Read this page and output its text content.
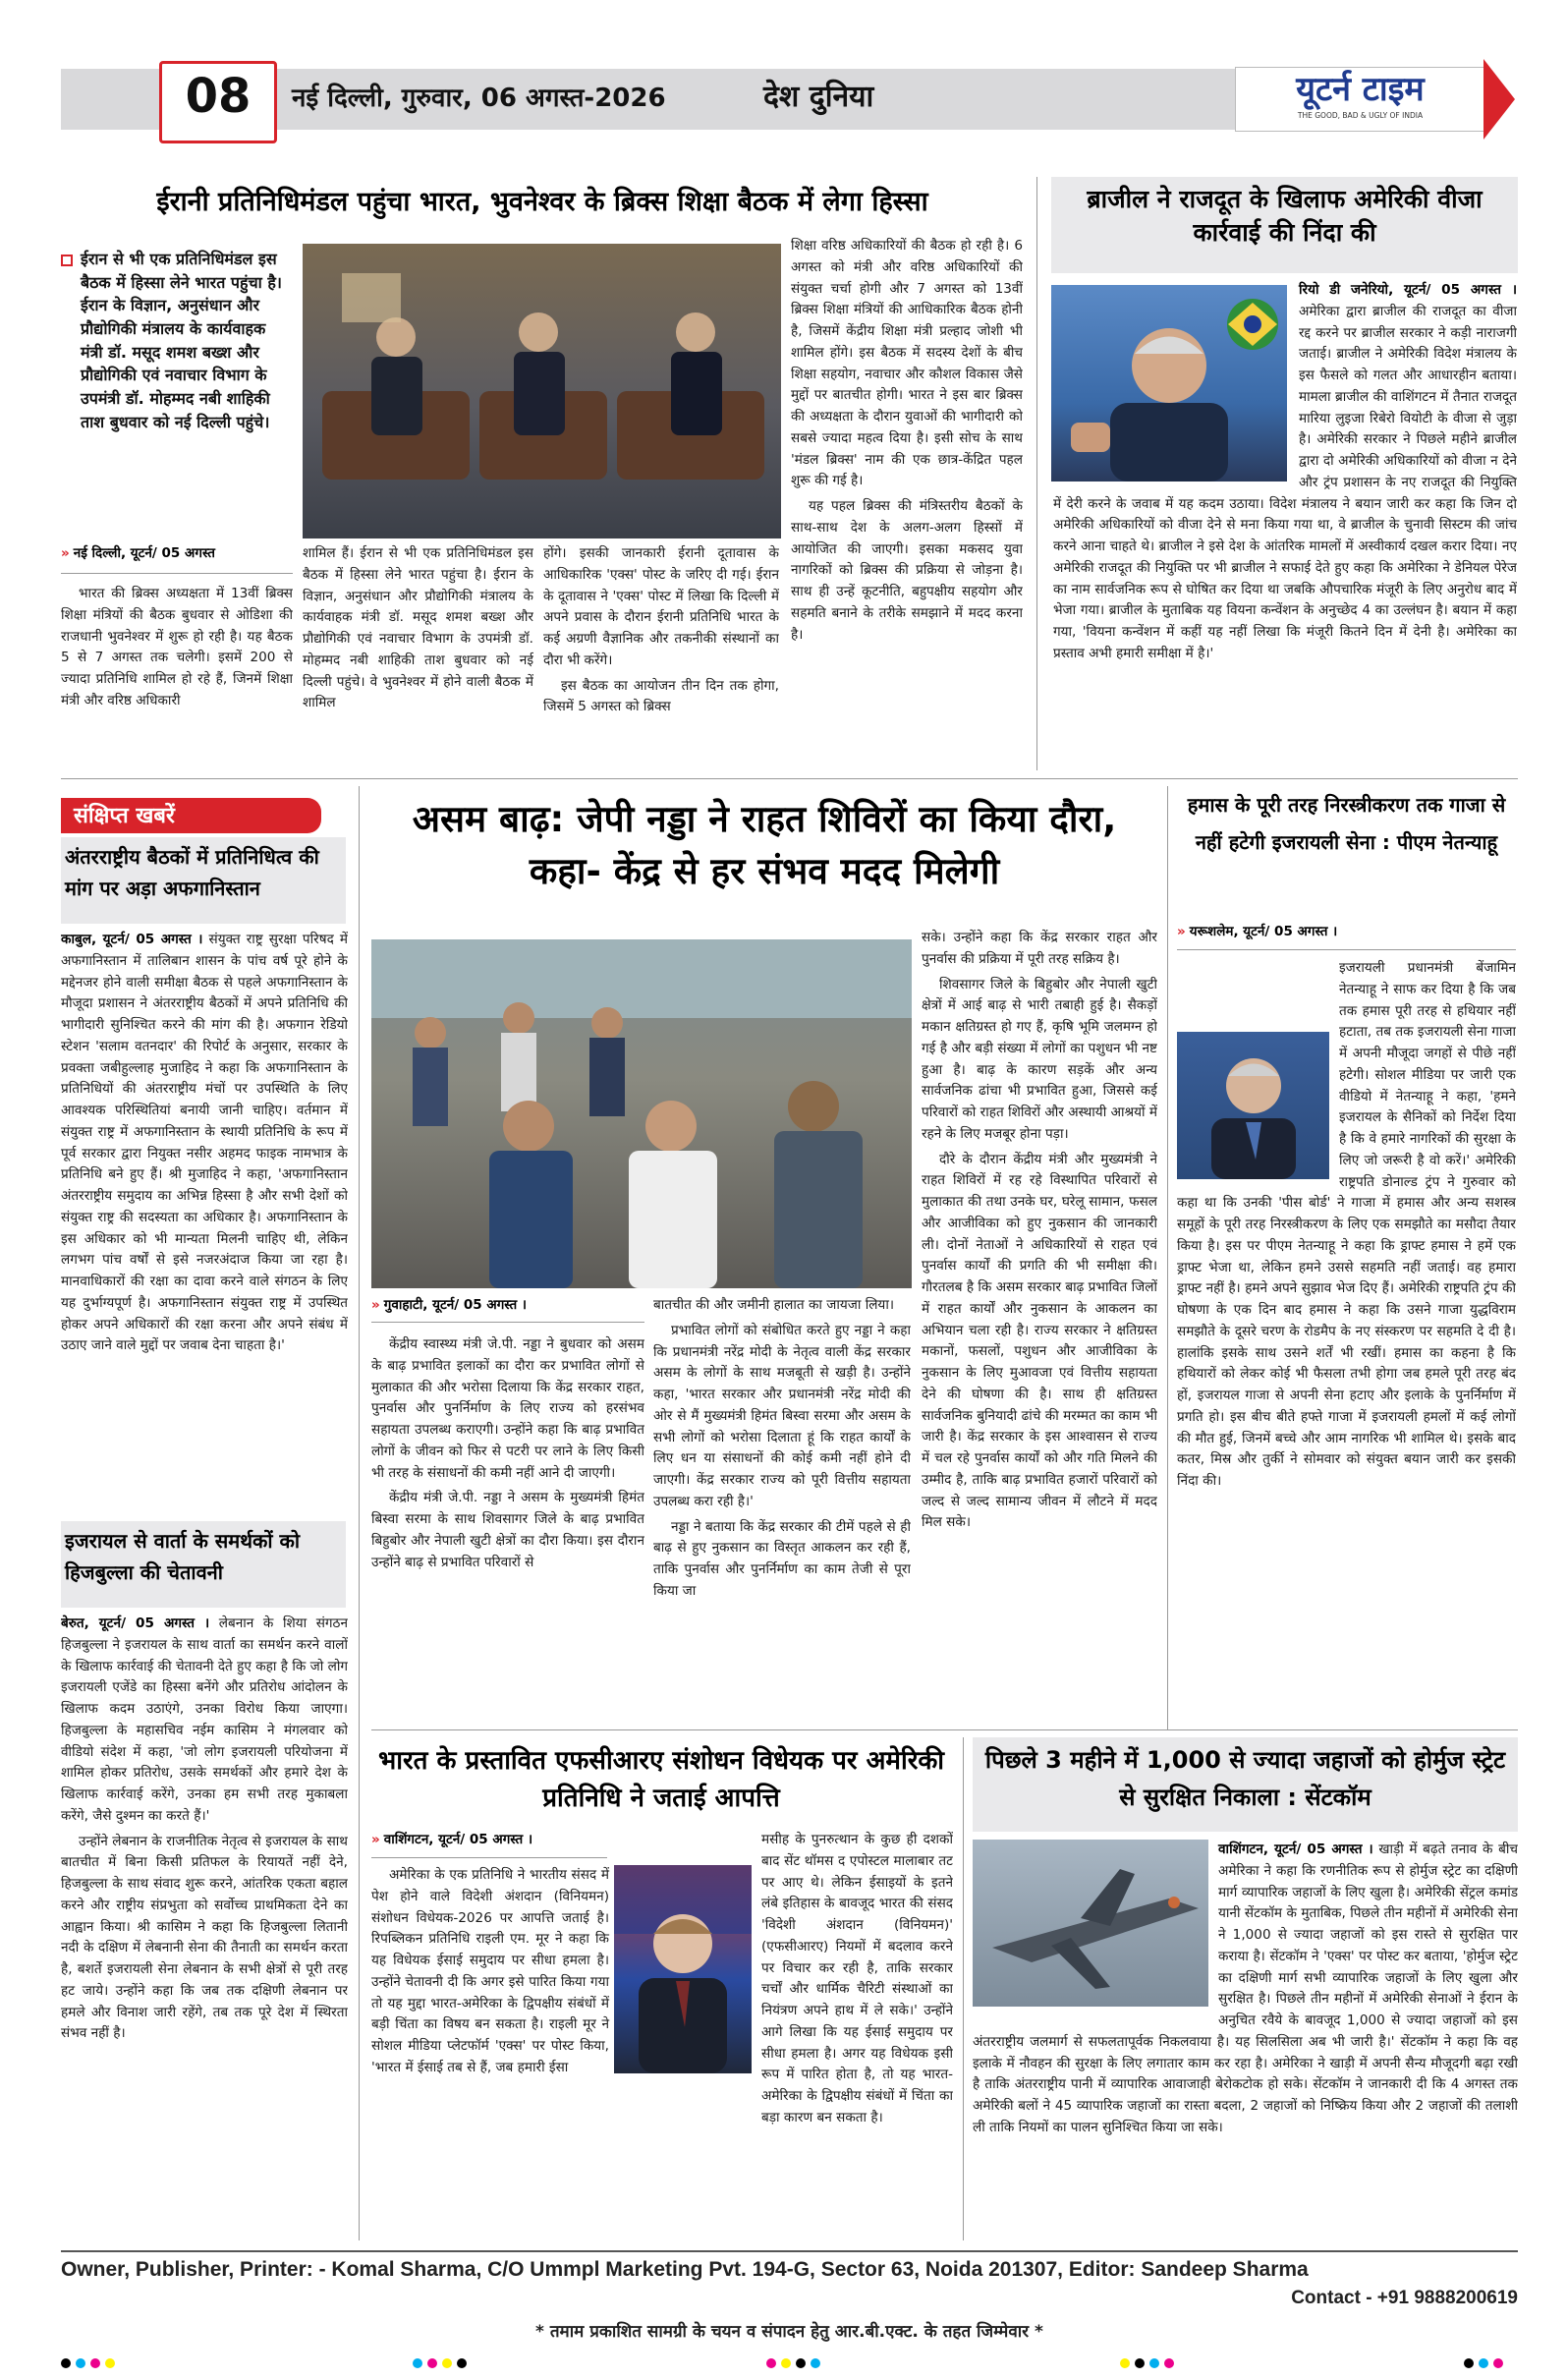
08	नई दिल्ली, गुरुवार, 06 अगस्त-2026	देश दुनिया	यूटर्न टाइम
THE GOOD, BAD & UGLY OF INDIA
ईरानी प्रतिनिधिमंडल पहुंचा भारत, भुवनेश्वर के ब्रिक्स शिक्षा बैठक में लेगा हिस्सा
ईरान से भी एक प्रतिनिधिमंडल इस बैठक में हिस्सा लेने भारत पहुंचा है। ईरान के विज्ञान, अनुसंधान और प्रौद्योगिकी मंत्रालय के कार्यवाहक मंत्री डॉ. मसूद शमश बख्श और प्रौद्योगिकी एवं नवाचार विभाग के उपमंत्री डॉ. मोहम्मद नबी शाहिकी ताश बुधवार को नई दिल्ली पहुंचे।
» नई दिल्ली, यूटर्न/ 05 अगस्त

भारत की ब्रिक्स अध्यक्षता में 13वीं ब्रिक्स शिक्षा मंत्रियों की बैठक बुधवार से ओडिशा की राजधानी भुवनेश्वर में शुरू हो रही है। यह बैठक 5 से 7 अगस्त तक चलेगी। इसमें 200 से ज्यादा प्रतिनिधि शामिल हो रहे हैं, जिनमें शिक्षा मंत्री और वरिष्ठ अधिकारी

शामिल हैं। ईरान से भी एक प्रतिनिधिमंडल इस बैठक में हिस्सा लेने भारत पहुंचा है। ईरान के विज्ञान, अनुसंधान और प्रौद्योगिकी मंत्रालय के कार्यवाहक मंत्री डॉ. मसूद शमश बख्श और प्रौद्योगिकी एवं नवाचार विभाग के उपमंत्री डॉ. मोहम्मद नबी शाहिकी ताश बुधवार को नई दिल्ली पहुंचे। वे भुवनेश्वर में होने वाली बैठक में शामिल

होंगे। इसकी जानकारी ईरानी दूतावास के आधिकारिक 'एक्स' पोस्ट के जरिए दी गई। ईरान के दूतावास ने 'एक्स' पोस्ट में लिखा कि दिल्ली में अपने प्रवास के दौरान ईरानी प्रतिनिधि भारत के कई अग्रणी वैज्ञानिक और तकनीकी संस्थानों का दौरा भी करेंगे।

इस बैठक का आयोजन तीन दिन तक होगा, जिसमें 5 अगस्त को ब्रिक्स

शिक्षा वरिष्ठ अधिकारियों की बैठक हो रही है। 6 अगस्त को मंत्री और वरिष्ठ अधिकारियों की संयुक्त चर्चा होगी और 7 अगस्त को 13वीं ब्रिक्स शिक्षा मंत्रियों की आधिकारिक बैठक होनी है, जिसमें केंद्रीय शिक्षा मंत्री प्रल्हाद जोशी भी शामिल होंगे। इस बैठक में सदस्य देशों के बीच शिक्षा सहयोग, नवाचार और कौशल विकास जैसे मुद्दों पर बातचीत होगी। भारत ने इस बार ब्रिक्स की अध्यक्षता के दौरान युवाओं की भागीदारी को सबसे ज्यादा महत्व दिया है। इसी सोच के साथ 'मंडल ब्रिक्स' नाम की एक छात्र-केंद्रित पहल शुरू की गई है।

यह पहल ब्रिक्स की मंत्रिस्तरीय बैठकों के साथ-साथ देश के अलग-अलग हिस्सों में आयोजित की जाएगी। इसका मकसद युवा नागरिकों को ब्रिक्स की प्रक्रिया से जोड़ना है। साथ ही उन्हें कूटनीति, बहुपक्षीय सहयोग और सहमति बनाने के तरीके समझाने में मदद करना है।

ब्राजील ने राजदूत के खिलाफ अमेरिकी वीजा कार्रवाई की निंदा की
रियो डी जनेरियो, यूटर्न/ 05 अगस्त । अमेरिका द्वारा ब्राजील की राजदूत का वीजा रद्द करने पर ब्राजील सरकार ने कड़ी नाराजगी जताई। ब्राजील ने अमेरिकी विदेश मंत्रालय के इस फैसले को गलत और आधारहीन बताया। मामला ब्राजील की वाशिंगटन में तैनात राजदूत मारिया लुइजा रिबेरो वियोटी के वीजा से जुड़ा है। अमेरिकी सरकार ने पिछले महीने ब्राजील द्वारा दो अमेरिकी अधिकारियों को वीजा न देने और ट्रंप प्रशासन के नए राजदूत की नियुक्ति में देरी करने के जवाब में यह कदम उठाया। विदेश मंत्रालय ने बयान जारी कर कहा कि जिन दो अमेरिकी अधिकारियों को वीजा देने से मना किया गया था, वे ब्राजील के चुनावी सिस्टम की जांच करने आना चाहते थे। ब्राजील ने इसे देश के आंतरिक मामलों में अस्वीकार्य दखल करार दिया। नए अमेरिकी राजदूत की नियुक्ति पर भी ब्राजील ने सफाई देते हुए कहा कि अमेरिका ने डेनियल पेरेज का नाम सार्वजनिक रूप से घोषित कर दिया था जबकि औपचारिक मंजूरी के लिए अनुरोध बाद में भेजा गया। ब्राजील के मुताबिक यह वियना कन्वेंशन के अनुच्छेद 4 का उल्लंघन है। बयान में कहा गया, 'वियना कन्वेंशन में कहीं यह नहीं लिखा कि मंजूरी कितने दिन में देनी है। अमेरिका का प्रस्ताव अभी हमारी समीक्षा में है।'
संक्षिप्त खबरें
अंतरराष्ट्रीय बैठकों में प्रतिनिधित्व की मांग पर अड़ा अफगानिस्तान
काबुल, यूटर्न/ 05 अगस्त । संयुक्त राष्ट्र सुरक्षा परिषद में अफगानिस्तान में तालिबान शासन के पांच वर्ष पूरे होने के मद्देनजर होने वाली समीक्षा बैठक से पहले अफगानिस्तान के मौजूदा प्रशासन ने अंतरराष्ट्रीय बैठकों में अपने प्रतिनिधि की भागीदारी सुनिश्चित करने की मांग की है। अफगान रेडियो स्टेशन 'सलाम वतनदार' की रिपोर्ट के अनुसार, सरकार के प्रवक्ता जबीहुल्लाह मुजाहिद ने कहा कि अफगानिस्तान के प्रतिनिधियों की अंतरराष्ट्रीय मंचों पर उपस्थिति के लिए आवश्यक परिस्थितियां बनायी जानी चाहिए। वर्तमान में संयुक्त राष्ट्र में अफगानिस्तान के स्थायी प्रतिनिधि के रूप में पूर्व सरकार द्वारा नियुक्त नसीर अहमद फाइक नामभात्र के प्रतिनिधि बने हुए हैं। श्री मुजाहिद ने कहा, 'अफगानिस्तान अंतरराष्ट्रीय समुदाय का अभिन्न हिस्सा है और सभी देशों को संयुक्त राष्ट्र की सदस्यता का अधिकार है। अफगानिस्तान के इस अधिकार को भी मान्यता मिलनी चाहिए थी, लेकिन लगभग पांच वर्षों से इसे नजरअंदाज किया जा रहा है। मानवाधिकारों की रक्षा का दावा करने वाले संगठन के लिए यह दुर्भाग्यपूर्ण है। अफगानिस्तान संयुक्त राष्ट्र में उपस्थित होकर अपने अधिकारों की रक्षा करना और अपने संबंध में उठाए जाने वाले मुद्दों पर जवाब देना चाहता है।'
इजरायल से वार्ता के समर्थकों को हिजबुल्ला की चेतावनी

बेरुत, यूटर्न/ 05 अगस्त । लेबनान के शिया संगठन हिजबुल्ला ने इजरायल के साथ वार्ता का समर्थन करने वालों के खिलाफ कार्रवाई की चेतावनी देते हुए कहा है कि जो लोग इजरायली एजेंडे का हिस्सा बनेंगे और प्रतिरोध आंदोलन के खिलाफ कदम उठाएंगे, उनका विरोध किया जाएगा। हिजबुल्ला के महासचिव नईम कासिम ने मंगलवार को वीडियो संदेश में कहा, 'जो लोग इजरायली परियोजना में शामिल होकर प्रतिरोध, उसके समर्थकों और हमारे देश के खिलाफ कार्रवाई करेंगे, उनका हम सभी तरह मुकाबला करेंगे, जैसे दुश्मन का करते हैं।'

उन्होंने लेबनान के राजनीतिक नेतृत्व से इजरायल के साथ बातचीत में बिना किसी प्रतिफल के रियायतें नहीं देने, हिजबुल्ला के साथ संवाद शुरू करने, आंतरिक एकता बहाल करने और राष्ट्रीय संप्रभुता को सर्वोच्च प्राथमिकता देने का आह्वान किया। श्री कासिम ने कहा कि हिजबुल्ला लितानी नदी के दक्षिण में लेबनानी सेना की तैनाती का समर्थन करता है, बशर्ते इजरायली सेना लेबनान के सभी क्षेत्रों से पूरी तरह हट जाये। उन्होंने कहा कि जब तक दक्षिणी लेबनान पर हमले और विनाश जारी रहेंगे, तब तक पूरे देश में स्थिरता संभव नहीं है।

असम बाढ़: जेपी नड्डा ने राहत शिविरों का किया दौरा, कहा- केंद्र से हर संभव मदद मिलेगी
» गुवाहाटी, यूटर्न/ 05 अगस्त ।

केंद्रीय स्वास्थ्य मंत्री जे.पी. नड्डा ने बुधवार को असम के बाढ़ प्रभावित इलाकों का दौरा कर प्रभावित लोगों से मुलाकात की और भरोसा दिलाया कि केंद्र सरकार राहत, पुनर्वास और पुनर्निर्माण के लिए राज्य को हरसंभव सहायता उपलब्ध कराएगी। उन्होंने कहा कि बाढ़ प्रभावित लोगों के जीवन को फिर से पटरी पर लाने के लिए किसी भी तरह के संसाधनों की कमी नहीं आने दी जाएगी।

केंद्रीय मंत्री जे.पी. नड्डा ने असम के मुख्यमंत्री हिमंत बिस्वा सरमा के साथ शिवसागर जिले के बाढ़ प्रभावित बिहुबोर और नेपाली खुटी क्षेत्रों का दौरा किया। इस दौरान उन्होंने बाढ़ से प्रभावित परिवारों से

बातचीत की और जमीनी हालात का जायजा लिया।

प्रभावित लोगों को संबोधित करते हुए नड्डा ने कहा कि प्रधानमंत्री नरेंद्र मोदी के नेतृत्व वाली केंद्र सरकार असम के लोगों के साथ मजबूती से खड़ी है। उन्होंने कहा, 'भारत सरकार और प्रधानमंत्री नरेंद्र मोदी की ओर से मैं मुख्यमंत्री हिमंत बिस्वा सरमा और असम के सभी लोगों को भरोसा दिलाता हूं कि राहत कार्यों के लिए धन या संसाधनों की कोई कमी नहीं होने दी जाएगी। केंद्र सरकार राज्य को पूरी वित्तीय सहायता उपलब्ध करा रही है।'

नड्डा ने बताया कि केंद्र सरकार की टीमें पहले से ही बाढ़ से हुए नुकसान का विस्तृत आकलन कर रही हैं, ताकि पुनर्वास और पुनर्निर्माण का काम तेजी से पूरा किया जा

सके। उन्होंने कहा कि केंद्र सरकार राहत और पुनर्वास की प्रक्रिया में पूरी तरह सक्रिय है।

शिवसागर जिले के बिहुबोर और नेपाली खुटी क्षेत्रों में आई बाढ़ से भारी तबाही हुई है। सैकड़ों मकान क्षतिग्रस्त हो गए हैं, कृषि भूमि जलमग्न हो गई है और बड़ी संख्या में लोगों का पशुधन भी नष्ट हुआ है। बाढ़ के कारण सड़कें और अन्य सार्वजनिक ढांचा भी प्रभावित हुआ, जिससे कई परिवारों को राहत शिविरों और अस्थायी आश्रयों में रहने के लिए मजबूर होना पड़ा।

दौरे के दौरान केंद्रीय मंत्री और मुख्यमंत्री ने राहत शिविरों में रह रहे विस्थापित परिवारों से मुलाकात की तथा उनके घर, घरेलू सामान, फसल और आजीविका को हुए नुकसान की जानकारी ली। दोनों नेताओं ने अधिकारियों से राहत एवं पुनर्वास कार्यों की प्रगति की भी समीक्षा की। गौरतलब है कि असम सरकार बाढ़ प्रभावित जिलों में राहत कार्यों और नुकसान के आकलन का अभियान चला रही है। राज्य सरकार ने क्षतिग्रस्त मकानों, फसलों, पशुधन और आजीविका के नुकसान के लिए मुआवजा एवं वित्तीय सहायता देने की घोषणा की है। साथ ही क्षतिग्रस्त सार्वजनिक बुनियादी ढांचे की मरम्मत का काम भी जारी है। केंद्र सरकार के इस आश्वासन से राज्य में चल रहे पुनर्वास कार्यों को और गति मिलने की उम्मीद है, ताकि बाढ़ प्रभावित हजारों परिवारों को जल्द से जल्द सामान्य जीवन में लौटने में मदद मिल सके।

हमास के पूरी तरह निरस्त्रीकरण तक गाजा से नहीं हटेगी इजरायली सेना : पीएम नेतन्याहू
» यरूशलेम, यूटर्न/ 05 अगस्त ।
इजरायली प्रधानमंत्री बेंजामिन नेतन्याहू ने साफ कर दिया है कि जब तक हमास पूरी तरह से हथियार नहीं हटाता, तब तक इजरायली सेना गाजा में अपनी मौजूदा जगहों से पीछे नहीं हटेगी। सोशल मीडिया पर जारी एक वीडियो में नेतन्याहू ने कहा, 'हमने इजरायल के सैनिकों को निर्देश दिया है कि वे हमारे नागरिकों की सुरक्षा के लिए जो जरूरी है वो करें।' अमेरिकी राष्ट्रपति डोनाल्ड ट्रंप ने गुरुवार को कहा था कि उनकी 'पीस बोर्ड' ने गाजा में हमास और अन्य सशस्त्र समूहों के पूरी तरह निरस्त्रीकरण के लिए एक समझौते का मसौदा तैयार किया है। इस पर पीएम नेतन्याहू ने कहा कि ड्राफ्ट हमास ने हमें एक ड्राफ्ट भेजा था, लेकिन हमने उससे सहमति नहीं जताई। वह हमारा ड्राफ्ट नहीं है। हमने अपने सुझाव भेज दिए हैं। अमेरिकी राष्ट्रपति ट्रंप की घोषणा के एक दिन बाद हमास ने कहा कि उसने गाजा युद्धविराम समझौते के दूसरे चरण के रोडमैप के नए संस्करण पर सहमति दे दी है। हालांकि इसके साथ उसने शर्तें भी रखीं। हमास का कहना है कि हथियारों को लेकर कोई भी फैसला तभी होगा जब हमले पूरी तरह बंद हों, इजरायल गाजा से अपनी सेना हटाए और इलाके के पुनर्निर्माण में प्रगति हो। इस बीच बीते हफ्ते गाजा में इजरायली हमलों में कई लोगों की मौत हुई, जिनमें बच्चे और आम नागरिक भी शामिल थे। इसके बाद कतर, मिस्र और तुर्की ने सोमवार को संयुक्त बयान जारी कर इसकी निंदा की।
भारत के प्रस्तावित एफसीआरए संशोधन विधेयक पर अमेरिकी प्रतिनिधि ने जताई आपत्ति
» वाशिंगटन, यूटर्न/ 05 अगस्त ।

अमेरिका के एक प्रतिनिधि ने भारतीय संसद में पेश होने वाले विदेशी अंशदान (विनियमन) संशोधन विधेयक-2026 पर आपत्ति जताई है। रिपब्लिकन प्रतिनिधि राइली एम. मूर ने कहा कि यह विधेयक ईसाई समुदाय पर सीधा हमला है। उन्होंने चेतावनी दी कि अगर इसे पारित किया गया तो यह मुद्दा भारत-अमेरिका के द्विपक्षीय संबंधों में बड़ी चिंता का विषय बन सकता है। राइली मूर ने सोशल मीडिया प्लेटफॉर्म 'एक्स' पर पोस्ट किया, 'भारत में ईसाई तब से हैं, जब हमारी ईसा

मसीह के पुनरुत्थान के कुछ ही दशकों बाद सेंट थॉमस द एपोस्टल मालाबार तट पर आए थे। लेकिन ईसाइयों के इतने लंबे इतिहास के बावजूद भारत की संसद 'विदेशी अंशदान (विनियमन)' (एफसीआरए) नियमों में बदलाव करने पर विचार कर रही है, ताकि सरकार चर्चों और धार्मिक चैरिटी संस्थाओं का नियंत्रण अपने हाथ में ले सके।' उन्होंने आगे लिखा कि यह ईसाई समुदाय पर सीधा हमला है। अगर यह विधेयक इसी रूप में पारित होता है, तो यह भारत-अमेरिका के द्विपक्षीय संबंधों में चिंता का बड़ा कारण बन सकता है।

पिछले 3 महीने में 1,000 से ज्यादा जहाजों को होर्मुज स्ट्रेट से सुरक्षित निकाला : सेंटकॉम
वाशिंगटन, यूटर्न/ 05 अगस्त । खाड़ी में बढ़ते तनाव के बीच अमेरिका ने कहा कि रणनीतिक रूप से होर्मुज स्ट्रेट का दक्षिणी मार्ग व्यापारिक जहाजों के लिए खुला है। अमेरिकी सेंट्रल कमांड यानी सेंटकॉम के मुताबिक, पिछले तीन महीनों में अमेरिकी सेना ने 1,000 से ज्यादा जहाजों को इस रास्ते से सुरक्षित पार कराया है। सेंटकॉम ने 'एक्स' पर पोस्ट कर बताया, 'होर्मुज स्ट्रेट का दक्षिणी मार्ग सभी व्यापारिक जहाजों के लिए खुला और सुरक्षित है। पिछले तीन महीनों में अमेरिकी सेनाओं ने ईरान के अनुचित रवैये के बावजूद 1,000 से ज्यादा जहाजों को इस अंतरराष्ट्रीय जलमार्ग से सफलतापूर्वक निकलवाया है। यह सिलसिला अब भी जारी है।' सेंटकॉम ने कहा कि वह इलाके में नौवहन की सुरक्षा के लिए लगातार काम कर रहा है। अमेरिका ने खाड़ी में अपनी सैन्य मौजूदगी बढ़ा रखी है ताकि अंतरराष्ट्रीय पानी में व्यापारिक आवाजाही बेरोकटोक हो सके। सेंटकॉम ने जानकारी दी कि 4 अगस्त तक अमेरिकी बलों ने 45 व्यापारिक जहाजों का रास्ता बदला, 2 जहाजों को निष्क्रिय किया और 2 जहाजों की तलाशी ली ताकि नियमों का पालन सुनिश्चित किया जा सके।
Owner, Publisher, Printer: - Komal Sharma, C/O Ummpl Marketing Pvt. 194-G, Sector 63, Noida 201307, Editor: Sandeep Sharma
Contact - +91 9888200619
* तमाम प्रकाशित सामग्री के चयन व संपादन हेतु आर.बी.एक्ट. के तहत जिम्मेवार *
